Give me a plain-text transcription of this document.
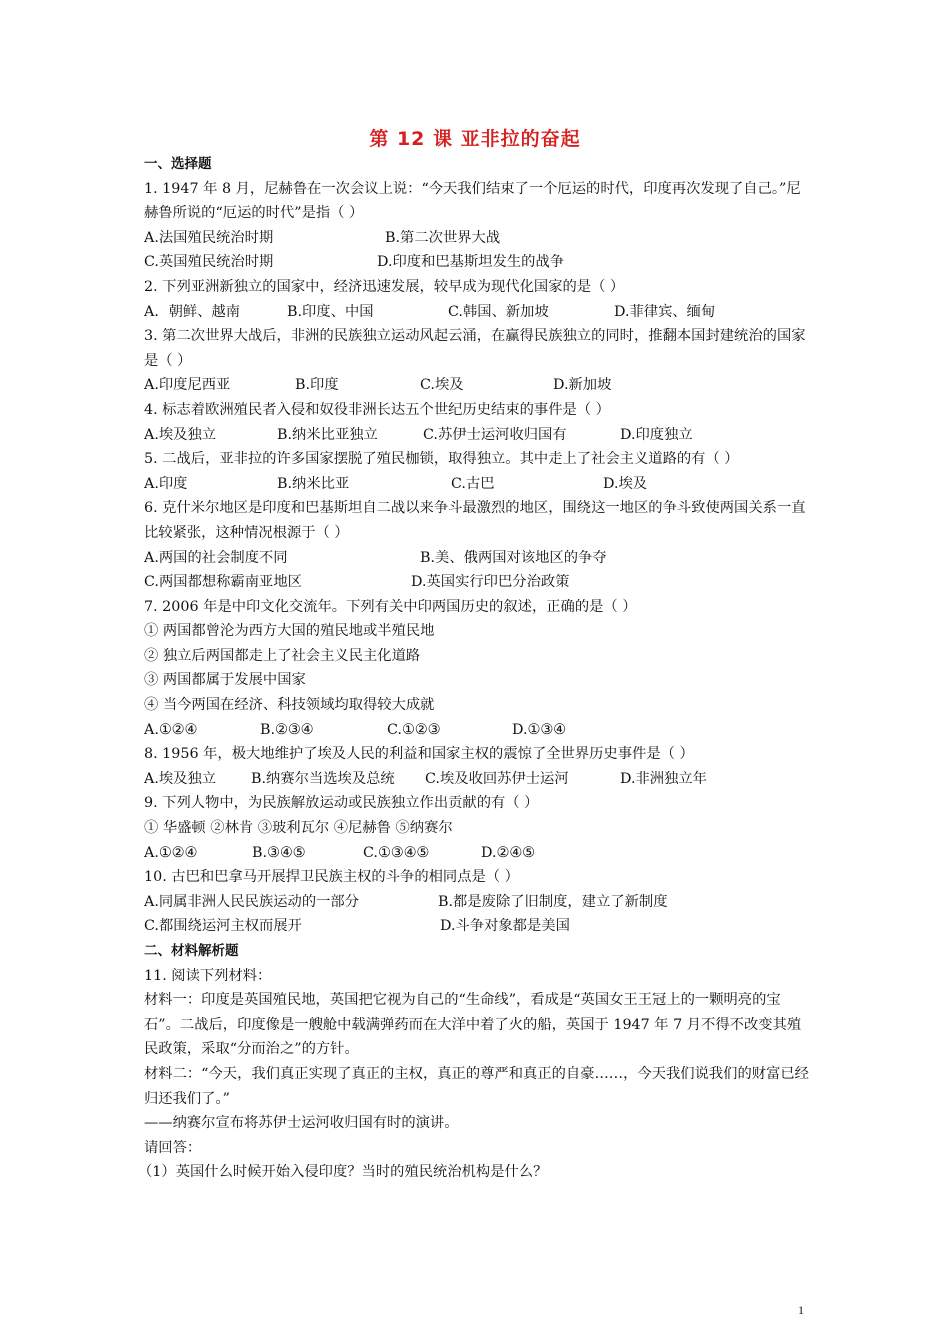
第 12 课 亚非拉的奋起
一、选择题
1. 1947 年 8 月，尼赫鲁在一次会议上说：“今天我们结束了一个厄运的时代，印度再次发现了自己。”尼赫鲁所说的“厄运的时代”是指（ ）
A.法国殖民统治时期	B.第二次世界大战
C.英国殖民统治时期	D.印度和巴基斯坦发生的战争
2. 下列亚洲新独立的国家中，经济迅速发展，较早成为现代化国家的是（ ）
A．朝鲜、越南	B.印度、中国	C.韩国、新加坡	D.菲律宾、缅甸
3. 第二次世界大战后，非洲的民族独立运动风起云涌，在赢得民族独立的同时，推翻本国封建统治的国家是（ ）
A.印度尼西亚	B.印度	C.埃及	D.新加坡
4. 标志着欧洲殖民者入侵和奴役非洲长达五个世纪历史结束的事件是（ ）
A.埃及独立	B.纳米比亚独立	C.苏伊士运河收归国有	D.印度独立
5. 二战后，亚非拉的许多国家摆脱了殖民枷锁，取得独立。其中走上了社会主义道路的有（ ）
A.印度	B.纳米比亚	C.古巴	D.埃及
6. 克什米尔地区是印度和巴基斯坦自二战以来争斗最激烈的地区，围绕这一地区的争斗致使两国关系一直比较紧张，这种情况根源于（ ）
A.两国的社会制度不同	B.美、俄两国对该地区的争夺
C.两国都想称霸南亚地区	D.英国实行印巴分治政策
7. 2006 年是中印文化交流年。下列有关中印两国历史的叙述，正确的是（ ）
① 两国都曾沦为西方大国的殖民地或半殖民地
② 独立后两国都走上了社会主义民主化道路
③ 两国都属于发展中国家
④ 当今两国在经济、科技领域均取得较大成就
A.①②④	B.②③④	C.①②③	D.①③④
8. 1956 年，极大地维护了埃及人民的利益和国家主权的震惊了全世界历史事件是（ ）
A.埃及独立	B.纳赛尔当选埃及总统	C.埃及收回苏伊士运河	D.非洲独立年
9. 下列人物中，为民族解放运动或民族独立作出贡献的有（ ）
① 华盛顿 ②林肯 ③玻利瓦尔 ④尼赫鲁 ⑤纳赛尔
A.①②④	B.③④⑤	C.①③④⑤	D.②④⑤
10. 古巴和巴拿马开展捍卫民族主权的斗争的相同点是（ ）
A.同属非洲人民民族运动的一部分	B.都是废除了旧制度，建立了新制度
C.都围绕运河主权而展开	D.斗争对象都是美国
二、材料解析题
11. 阅读下列材料：
材料一：印度是英国殖民地，英国把它视为自己的“生命线”，看成是“英国女王王冠上的一颗明亮的宝石”。二战后，印度像是一艘舱中载满弹药而在大洋中着了火的船，英国于 1947 年 7 月不得不改变其殖民政策，采取“分而治之”的方针。
材料二：“今天，我们真正实现了真正的主权，真正的尊严和真正的自豪……，今天我们说我们的财富已经归还我们了。”
——纳赛尔宣布将苏伊士运河收归国有时的演讲。
请回答：
（1）英国什么时候开始入侵印度？当时的殖民统治机构是什么？
1
